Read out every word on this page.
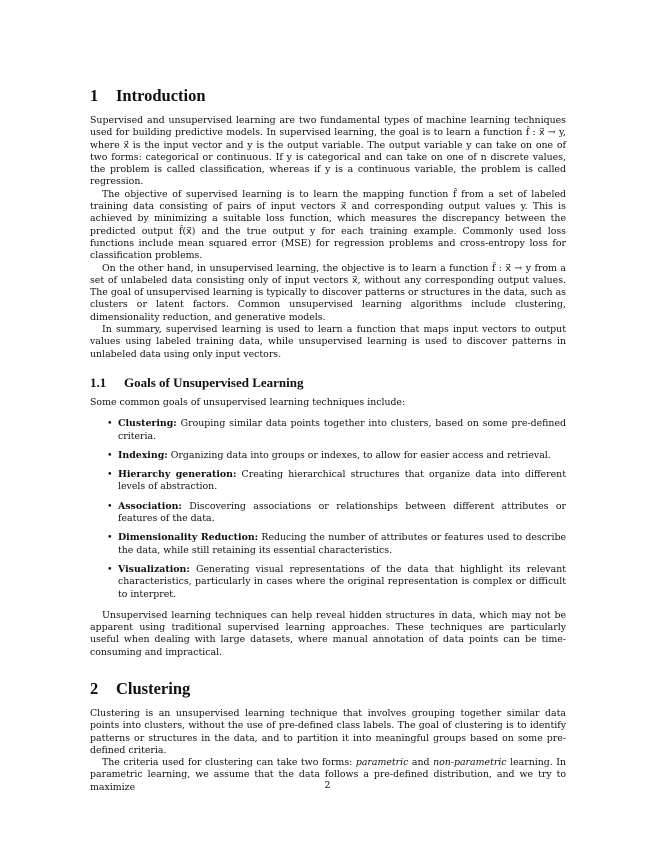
1 Introduction

Supervised and unsupervised learning are two fundamental types of machine learning techniques used for building predictive models. In supervised learning, the goal is to learn a function f̂ : x⃗ → y, where x⃗ is the input vector and y is the output variable. The output variable y can take on one of two forms: categorical or continuous. If y is categorical and can take on one of n discrete values, the problem is called classification, whereas if y is a continuous variable, the problem is called regression.

The objective of supervised learning is to learn the mapping function f̂ from a set of labeled training data consisting of pairs of input vectors x⃗ and corresponding output values y. This is achieved by minimizing a suitable loss function, which measures the discrepancy between the predicted output f̂(x⃗) and the true output y for each training example. Commonly used loss functions include mean squared error (MSE) for regression problems and cross-entropy loss for classification problems.

On the other hand, in unsupervised learning, the objective is to learn a function f̂ : x⃗ → y from a set of unlabeled data consisting only of input vectors x⃗, without any corresponding output values. The goal of unsupervised learning is typically to discover patterns or structures in the data, such as clusters or latent factors. Common unsupervised learning algorithms include clustering, dimensionality reduction, and generative models.

In summary, supervised learning is used to learn a function that maps input vectors to output values using labeled training data, while unsupervised learning is used to discover patterns in unlabeled data using only input vectors.

1.1 Goals of Unsupervised Learning

Some common goals of unsupervised learning techniques include:

• Clustering: Grouping similar data points together into clusters, based on some pre-defined criteria.
• Indexing: Organizing data into groups or indexes, to allow for easier access and retrieval.
• Hierarchy generation: Creating hierarchical structures that organize data into different levels of abstraction.
• Association: Discovering associations or relationships between different attributes or features of the data.
• Dimensionality Reduction: Reducing the number of attributes or features used to describe the data, while still retaining its essential characteristics.
• Visualization: Generating visual representations of the data that highlight its relevant characteristics, particularly in cases where the original representation is complex or difficult to interpret.

Unsupervised learning techniques can help reveal hidden structures in data, which may not be apparent using traditional supervised learning approaches. These techniques are particularly useful when dealing with large datasets, where manual annotation of data points can be time-consuming and impractical.

2 Clustering

Clustering is an unsupervised learning technique that involves grouping together similar data points into clusters, without the use of pre-defined class labels. The goal of clustering is to identify patterns or structures in the data, and to partition it into meaningful groups based on some pre-defined criteria.

The criteria used for clustering can take two forms: parametric and non-parametric learning. In parametric learning, we assume that the data follows a pre-defined distribution, and we try to maximize	2
